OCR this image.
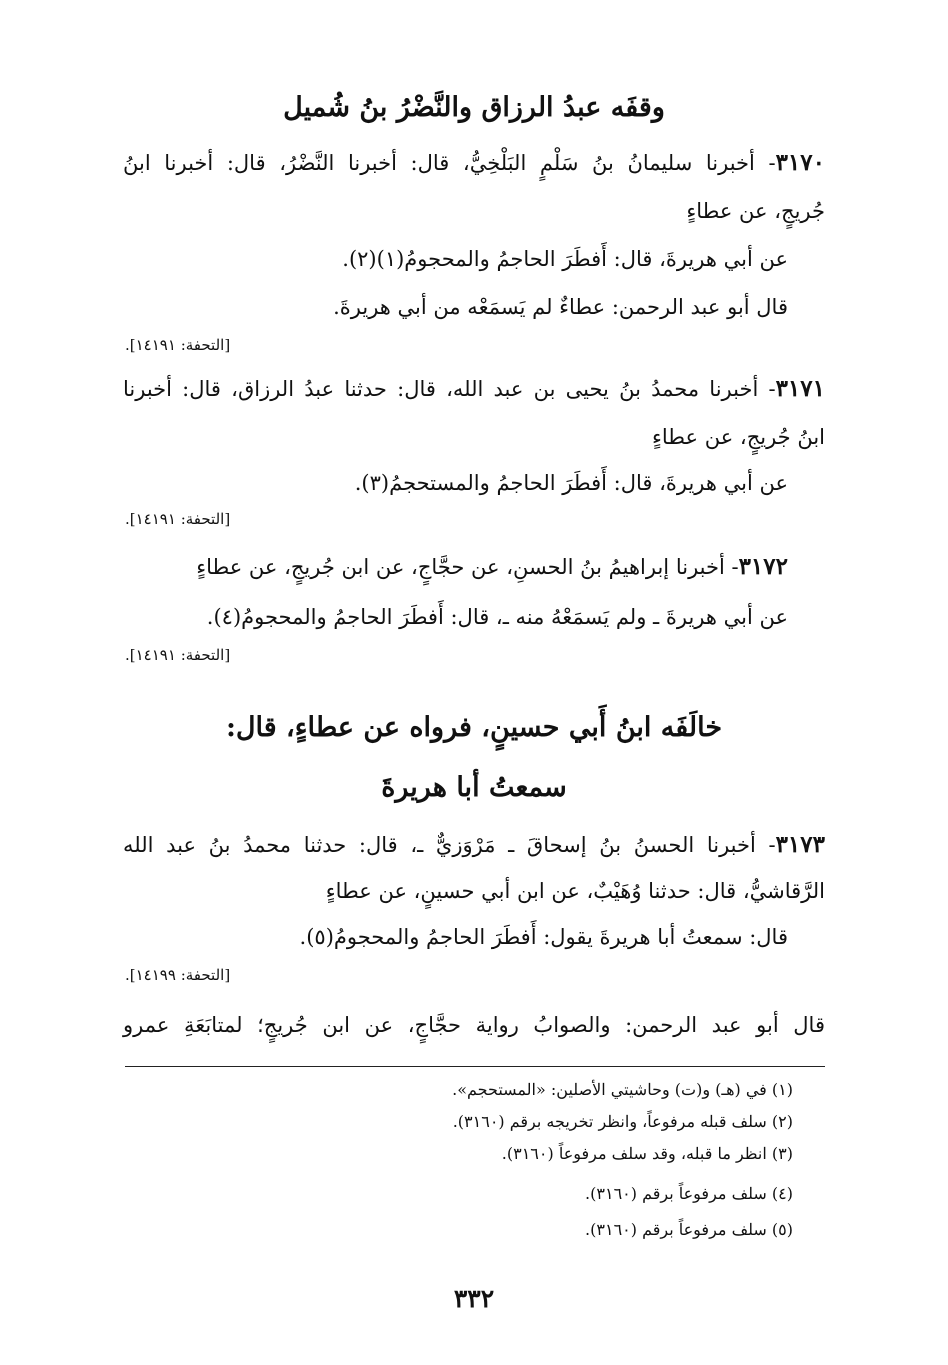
وقفَه عبدُ الرزاق والنَّضْرُ بنُ شُميل
٣١٧٠- أخبرنا سليمانُ بنُ سَلْمٍ البَلْخِيُّ، قال: أخبرنا النَّضْرُ، قال: أخبرنا ابنُ
جُريجٍ، عن عطاءٍ
عن أبي هريرةَ، قال: أَفطَرَ الحاجمُ والمحجومُ(١)(٢).
قال أبو عبد الرحمن: عطاءٌ لم يَسمَعْه من أبي هريرةَ.
[التحفة: ١٤١٩١].
٣١٧١- أخبرنا محمدُ بنُ يحيى بن عبد الله، قال: حدثنا عبدُ الرزاق، قال: أخبرنا
ابنُ جُريجٍ، عن عطاءٍ
عن أبي هريرةَ، قال: أَفطَرَ الحاجمُ والمستحجمُ(٣).
[التحفة: ١٤١٩١].
٣١٧٢- أخبرنا إبراهيمُ بنُ الحسنِ، عن حجَّاجٍ، عن ابن جُريجٍ، عن عطاءٍ
عن أبي هريرةَ ـ ولم يَسمَعْهُ منه ـ، قال: أَفطَرَ الحاجمُ والمحجومُ(٤).
[التحفة: ١٤١٩١].
خالَفَه ابنُ أَبي حسينٍ، فرواه عن عطاءٍ، قال:
سمعتُ أبا هريرةَ
٣١٧٣- أخبرنا الحسنُ بنُ إسحاقَ ـ مَرْوَزيٌّ ـ، قال: حدثنا محمدُ بنُ عبد الله
الرَّقاشيُّ، قال: حدثنا وُهَيْبٌ، عن ابن أبي حسينٍ، عن عطاءٍ
قال: سمعتُ أبا هريرةَ يقول: أَفطَرَ الحاجمُ والمحجومُ(٥).
[التحفة: ١٤١٩٩].
قال أبو عبد الرحمن: والصوابُ رواية حجَّاجٍ، عن ابن جُريجٍ؛ لمتابَعَةِ عمرو
(١) في (هـ) و(ت) وحاشيتي الأصلين: «المستحجم».
(٢) سلف قبله مرفوعاً، وانظر تخريجه برقم (٣١٦٠).
(٣) انظر ما قبله، وقد سلف مرفوعاً (٣١٦٠).
(٤) سلف مرفوعاً برقم (٣١٦٠).
(٥) سلف مرفوعاً برقم (٣١٦٠).
٣٣٢
